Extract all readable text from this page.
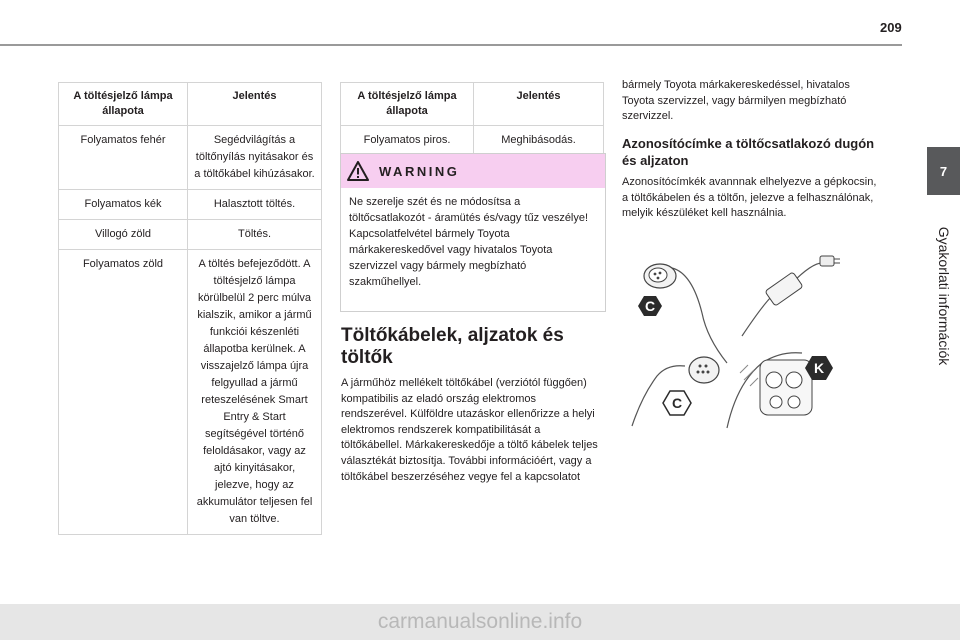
209
7
Gyakorlati információk
A töltésjelző lámpa állapota	Jelentés
Folyamatos fehér	Segédvilágítás a töltőnyílás nyitásakor és a töltőkábel kihúzásakor.
Folyamatos kék	Halasztott töltés.
Villogó zöld	Töltés.
Folyamatos zöld	A töltés befejeződött. A töltésjelző lámpa körülbelül 2 perc múlva kialszik, amikor a jármű funkciói készenléti állapotba kerülnek. A visszajelző lámpa újra felgyullad a jármű reteszelésének Smart Entry & Start segítségével történő feloldásakor, vagy az ajtó kinyitásakor, jelezve, hogy az akkumulátor teljesen fel van töltve.
A töltésjelző lámpa állapota	Jelentés
Folyamatos piros.	Meghibásodás.
WARNING
Ne szerelje szét és ne módosítsa a töltőcsatlakozót - áramütés és/vagy tűz veszélye! Kapcsolatfelvétel bármely Toyota márkakereskedővel vagy hivatalos Toyota szervizzel vagy bármely megbízható szakműhellyel.
Töltőkábelek, aljzatok és töltők
A járműhöz mellékelt töltőkábel (verziótól függően) kompatibilis az eladó ország elektromos rendszerével. Külföldre utazáskor ellenőrizze a helyi elektromos rendszerek kompatibilitását a töltőkábellel. Márkakereskedője a töltő kábelek teljes választékát biztosítja. További információért, vagy a töltőkábel beszerzéséhez vegye fel a kapcsolatot
bármely Toyota márkakereskedéssel, hivatalos Toyota szervizzel, vagy bármilyen megbízható szervizzel.
Azonosítócímke a töltőcsatlakozó dugón és aljzaton
Azonosítócímkék avannnak elhelyezve a gépkocsin, a töltőkábelen és a töltőn, jelezve a felhasználónak, melyik készüléket kell használnia.
C
C
K
carmanualsonline.info
